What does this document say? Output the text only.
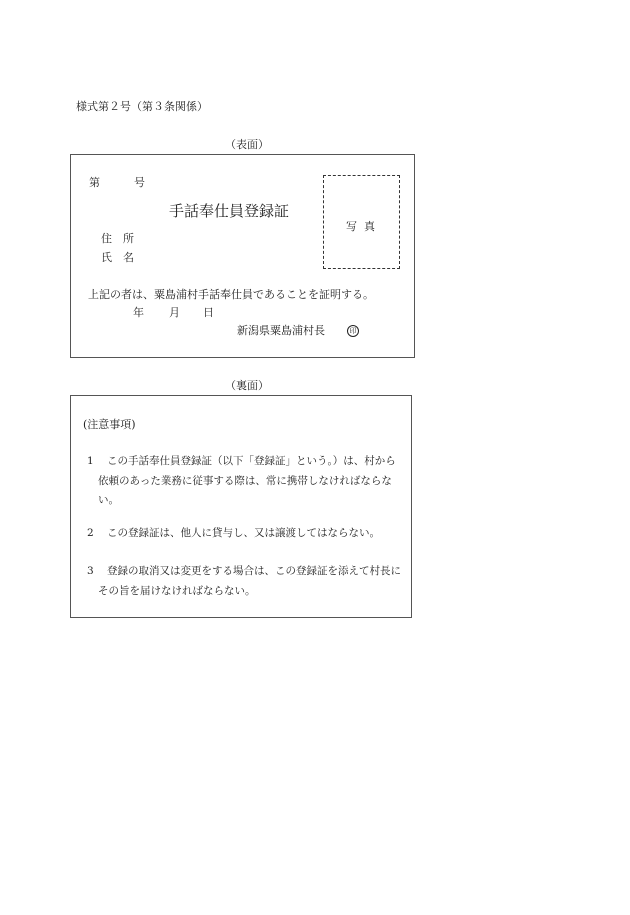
様式第２号（第３条関係）
（表面）
第	号
手話奉仕員登録証
住　所
氏　名
写真
上記の者は、粟島浦村手話奉仕員であることを証明する。
年 月 日
新潟県粟島浦村長	印
（裏面）
(注意事項)
1 この手話奉仕員登録証（以下「登録証」という。）は、村から
依頼のあった業務に従事する際は、常に携帯しなければならな
い。
2 この登録証は、他人に貸与し、又は譲渡してはならない。
3 登録の取消又は変更をする場合は、この登録証を添えて村長に
その旨を届けなければならない。
